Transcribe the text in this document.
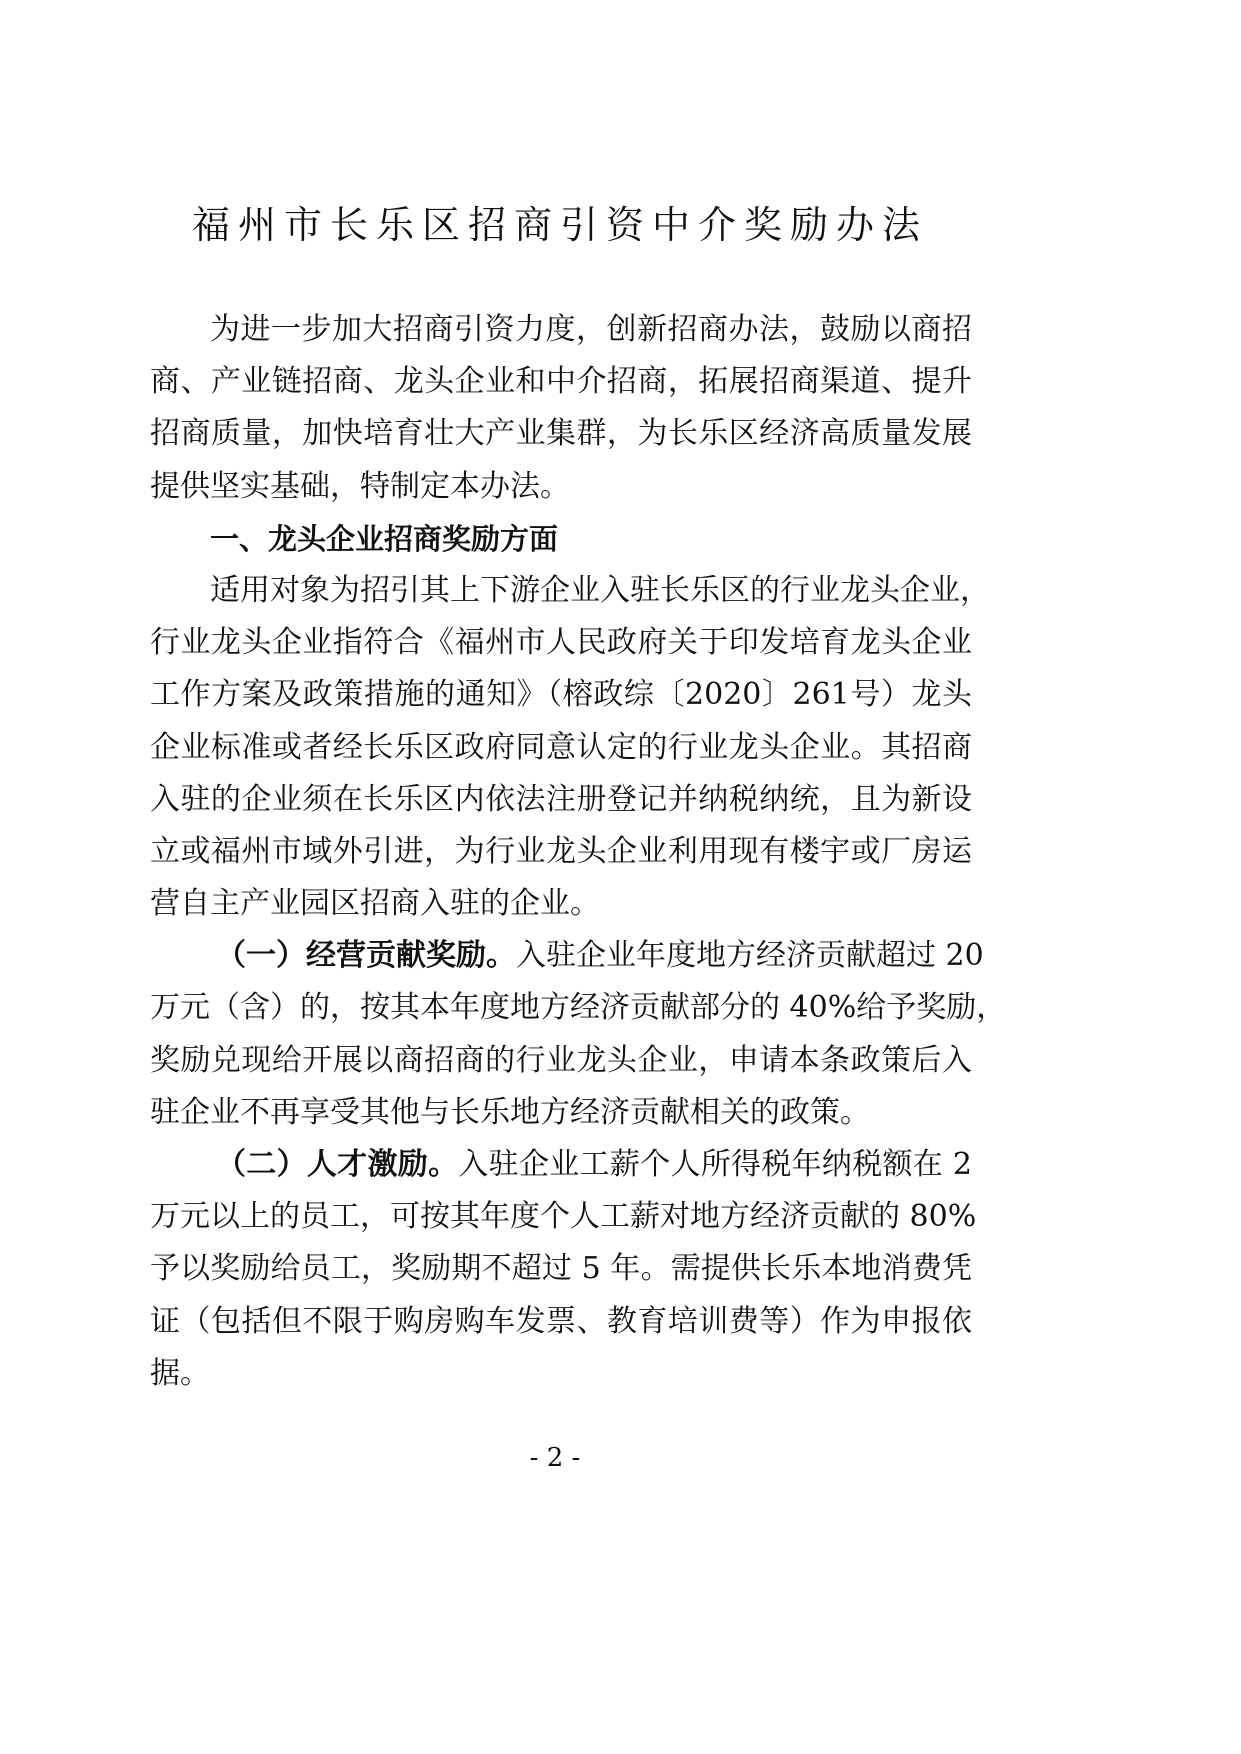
福州市长乐区招商引资中介奖励办法
为进一步加大招商引资力度，创新招商办法，鼓励以商招
商、产业链招商、龙头企业和中介招商，拓展招商渠道、提升
招商质量，加快培育壮大产业集群，为长乐区经济高质量发展
提供坚实基础，特制定本办法。
一、龙头企业招商奖励方面
适用对象为招引其上下游企业入驻长乐区的行业龙头企业，
行业龙头企业指符合《福州市人民政府关于印发培育龙头企业
工作方案及政策措施的通知》（榕政综〔2020〕261号）龙头
企业标准或者经长乐区政府同意认定的行业龙头企业。其招商
入驻的企业须在长乐区内依法注册登记并纳税纳统，且为新设
立或福州市域外引进，为行业龙头企业利用现有楼宇或厂房运
营自主产业园区招商入驻的企业。
（一）经营贡献奖励。入驻企业年度地方经济贡献超过 20
万元（含）的，按其本年度地方经济贡献部分的 40%给予奖励，
奖励兑现给开展以商招商的行业龙头企业，申请本条政策后入
驻企业不再享受其他与长乐地方经济贡献相关的政策。
（二）人才激励。入驻企业工薪个人所得税年纳税额在 2
万元以上的员工，可按其年度个人工薪对地方经济贡献的 80%
予以奖励给员工，奖励期不超过 5 年。需提供长乐本地消费凭
证（包括但不限于购房购车发票、教育培训费等）作为申报依
据。
- 2 -
